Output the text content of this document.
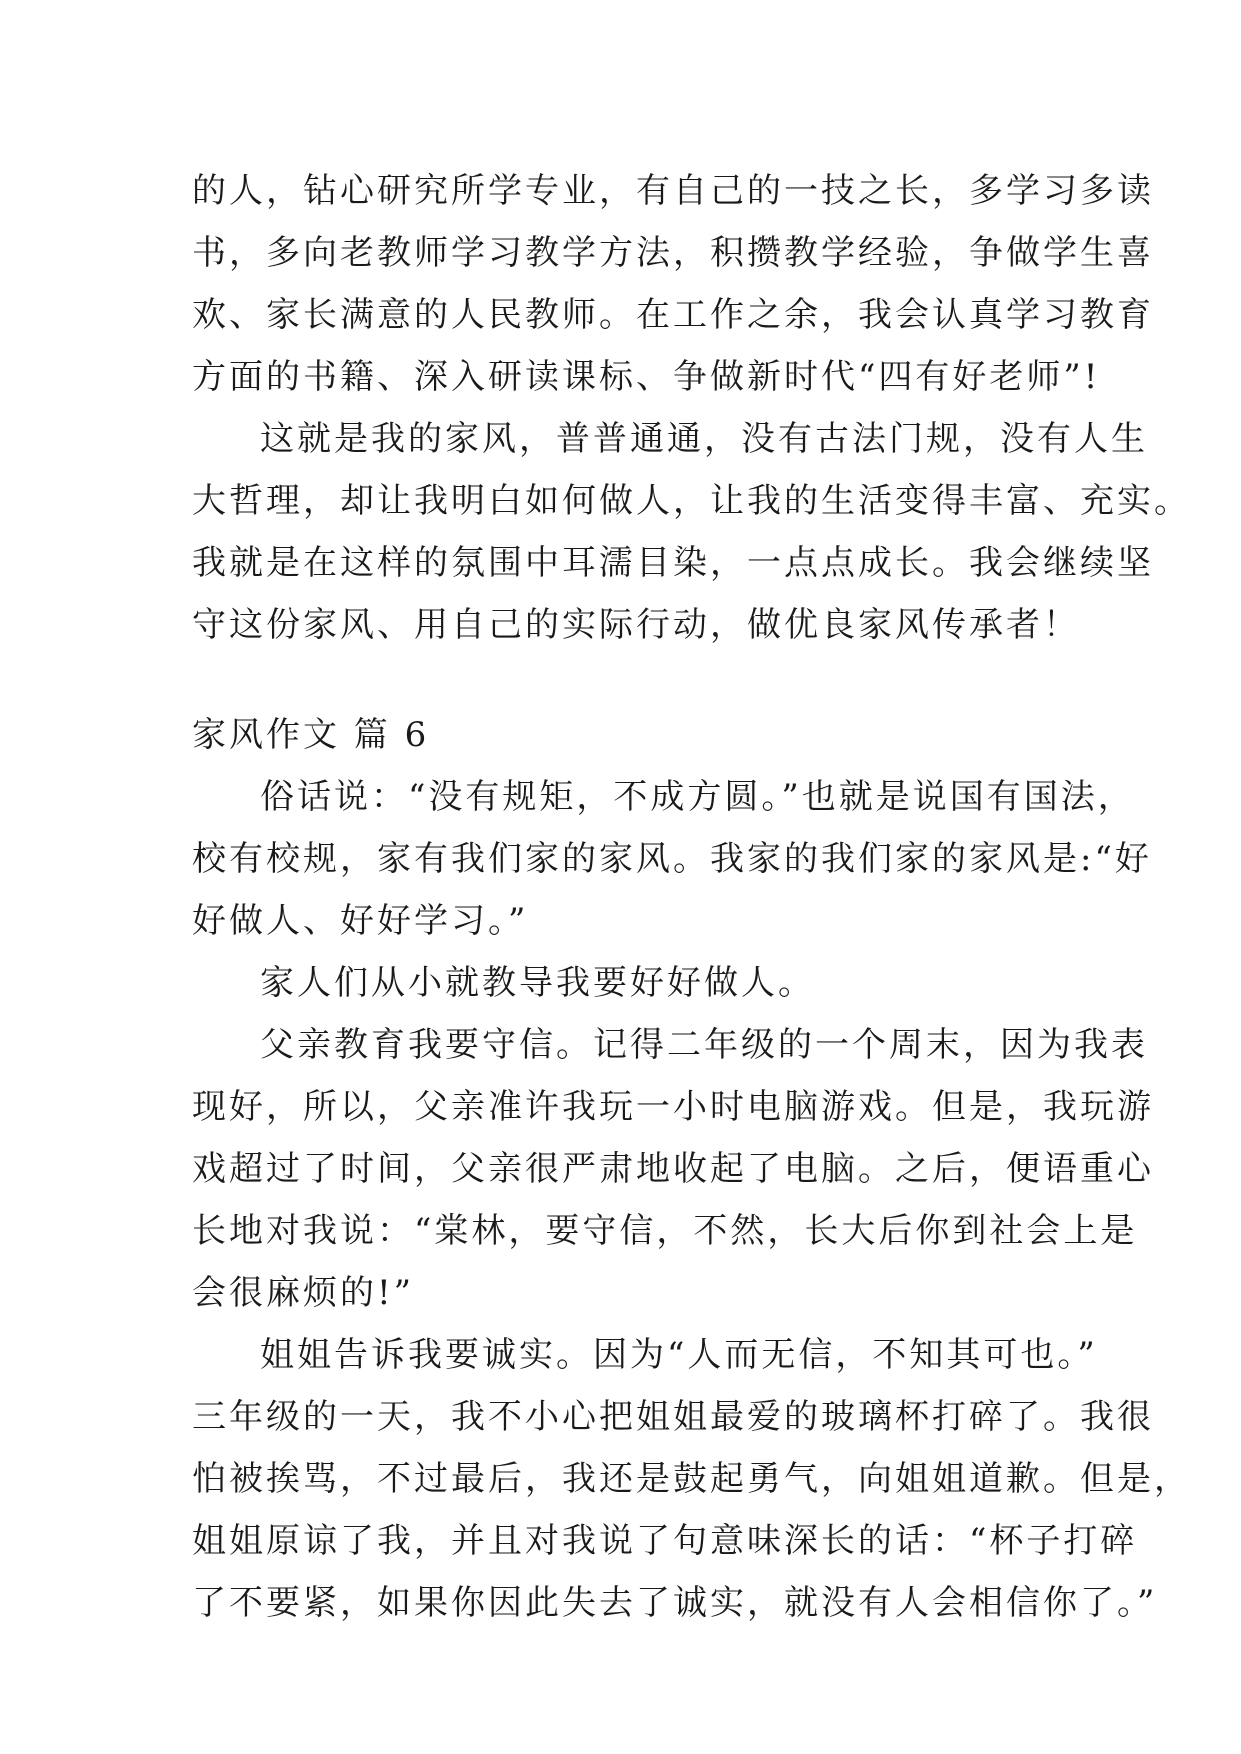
的人，钻心研究所学专业，有自己的一技之长，多学习多读
书，多向老教师学习教学方法，积攒教学经验，争做学生喜
欢、家长满意的人民教师。在工作之余，我会认真学习教育
方面的书籍、深入研读课标、争做新时代“四有好老师”!
这就是我的家风，普普通通，没有古法门规，没有人生
大哲理，却让我明白如何做人，让我的生活变得丰富、充实。
我就是在这样的氛围中耳濡目染，一点点成长。我会继续坚
守这份家风、用自己的实际行动，做优良家风传承者！
家风作文 篇 6
俗话说：“没有规矩，不成方圆。”也就是说国有国法，
校有校规，家有我们家的家风。我家的我们家的家风是:“好
好做人、好好学习。”
家人们从小就教导我要好好做人。
父亲教育我要守信。记得二年级的一个周末，因为我表
现好，所以，父亲准许我玩一小时电脑游戏。但是，我玩游
戏超过了时间，父亲很严肃地收起了电脑。之后，便语重心
长地对我说：“棠林，要守信，不然，长大后你到社会上是
会很麻烦的!”
姐姐告诉我要诚实。因为“人而无信，不知其可也。”
三年级的一天，我不小心把姐姐最爱的玻璃杯打碎了。我很
怕被挨骂，不过最后，我还是鼓起勇气，向姐姐道歉。但是，
姐姐原谅了我，并且对我说了句意味深长的话：“杯子打碎
了不要紧，如果你因此失去了诚实，就没有人会相信你了。”
